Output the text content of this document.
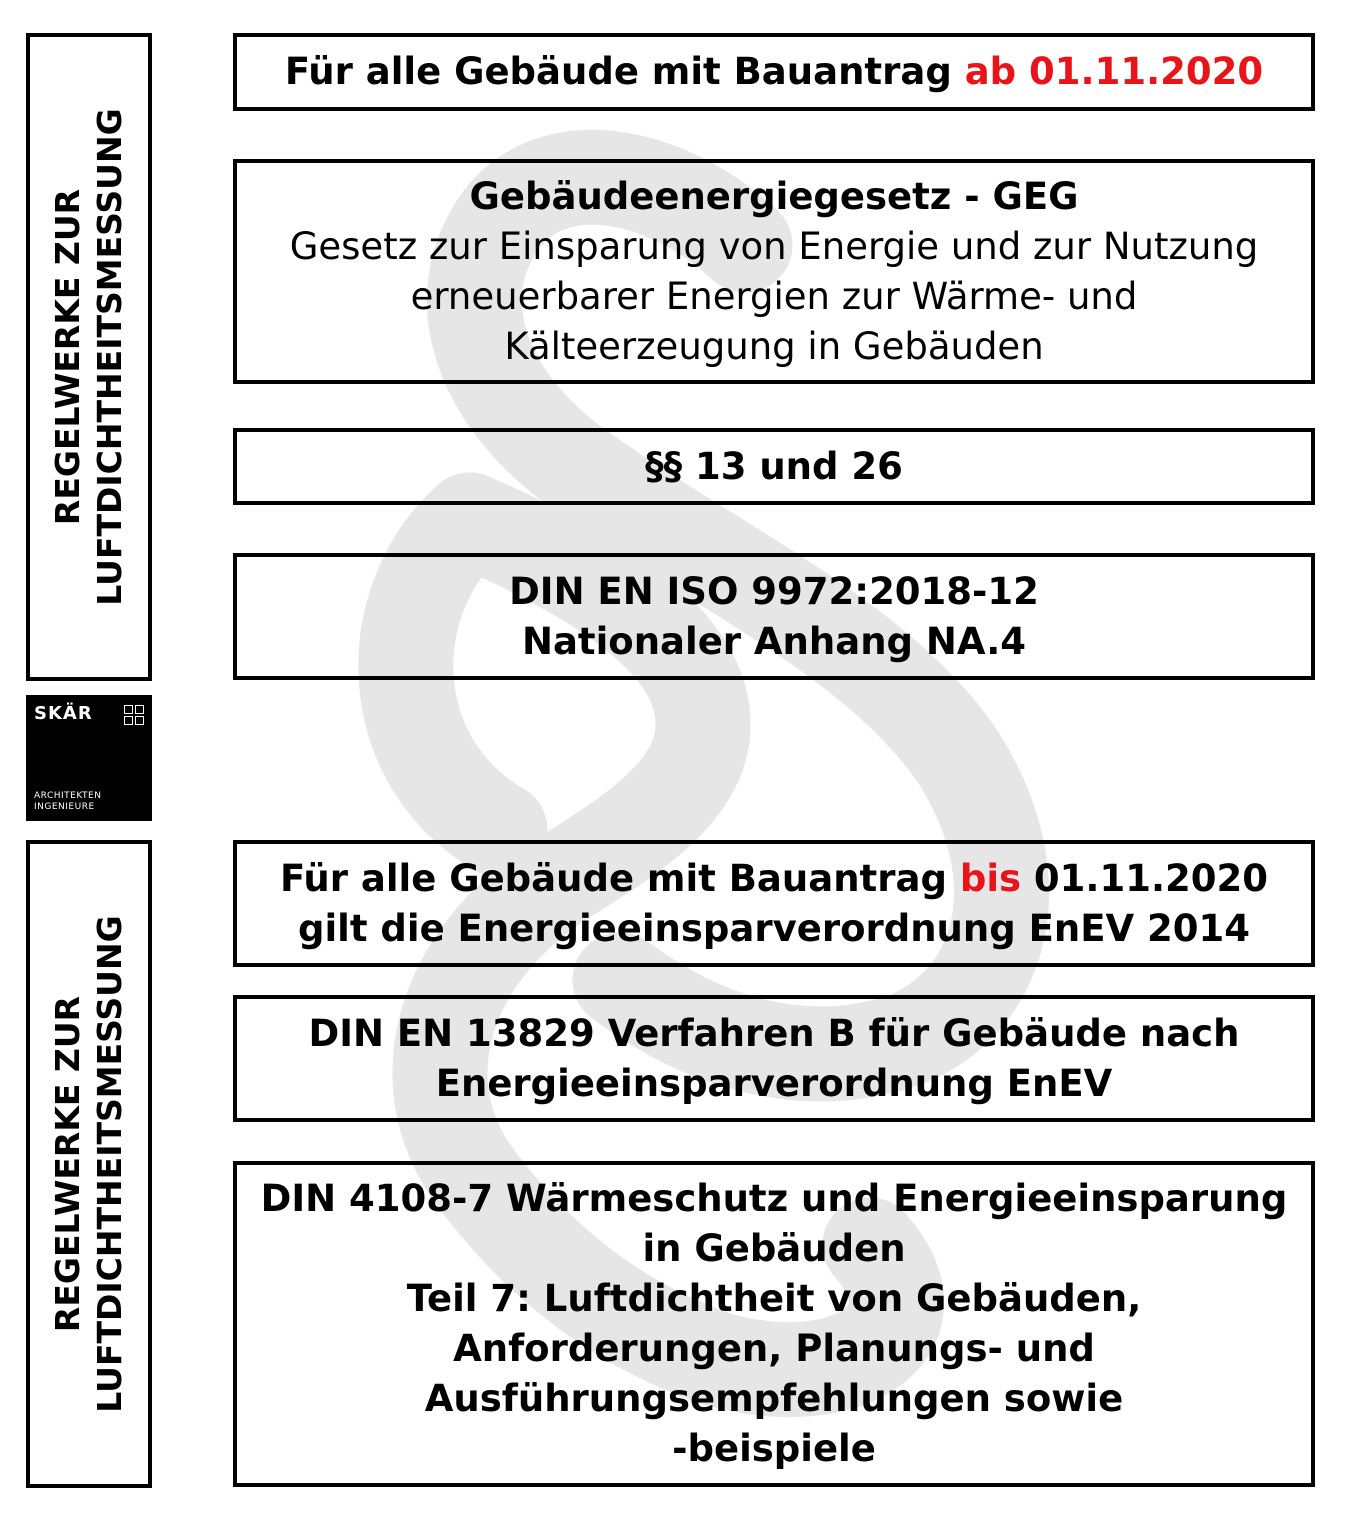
REGELWERKE ZUR LUFTDICHTHEITSMESSUNG
REGELWERKE ZUR LUFTDICHTHEITSMESSUNG
SKÄR
ARCHITEKTEN
INGENIEURE
Für alle Gebäude mit Bauantrag ab 01.11.2020
Gebäudeenergiegesetz - GEG
Gesetz zur Einsparung von Energie und zur Nutzung
erneuerbarer Energien zur Wärme- und
Kälteerzeugung in Gebäuden
§§ 13 und 26
DIN EN ISO 9972:2018-12
Nationaler Anhang NA.4
Für alle Gebäude mit Bauantrag bis 01.11.2020
gilt die Energieeinsparverordnung EnEV 2014
DIN EN 13829 Verfahren B für Gebäude nach
Energieeinsparverordnung EnEV
DIN 4108-7 Wärmeschutz und Energieeinsparung
in Gebäuden
Teil 7: Luftdichtheit von Gebäuden,
Anforderungen, Planungs- und
Ausführungsempfehlungen sowie
-beispiele
